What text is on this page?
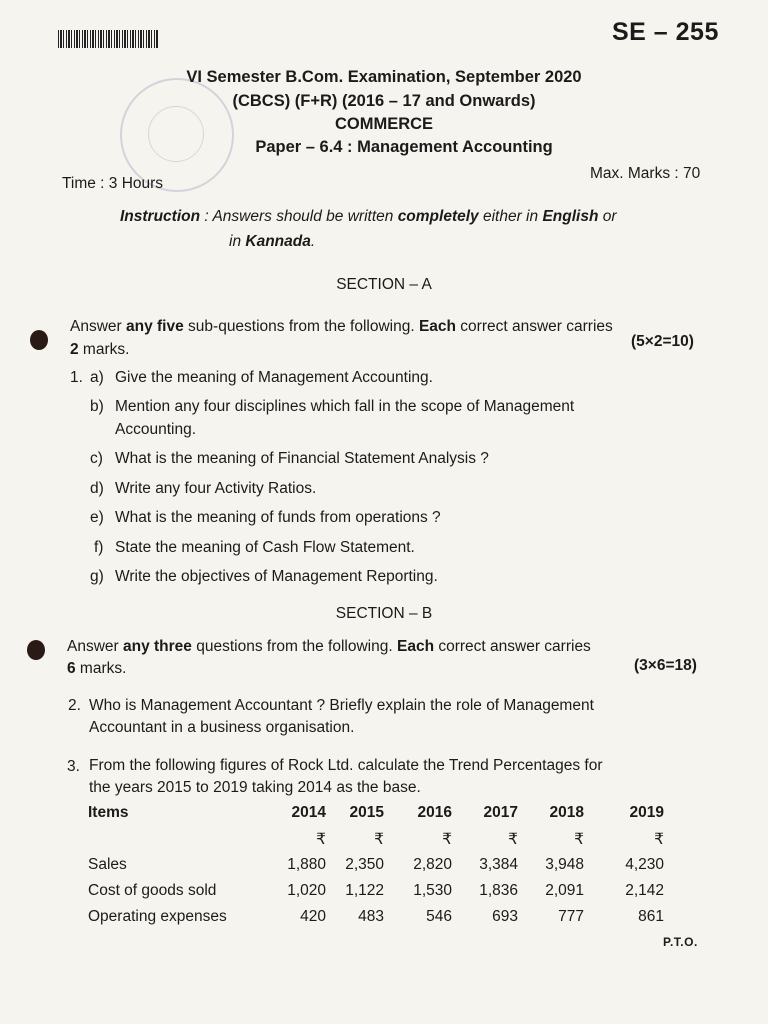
SE – 255
VI Semester B.Com. Examination, September 2020
(CBCS) (F+R) (2016 – 17 and Onwards)
COMMERCE
Paper – 6.4 : Management Accounting
Time : 3 Hours
Max. Marks : 70
Instruction : Answers should be written completely either in English or
in Kannada.
SECTION – A
Answer any five sub-questions from the following. Each correct answer carries
2 marks.	(5×2=10)
1. a) Give the meaning of Management Accounting.
b) Mention any four disciplines which fall in the scope of Management
Accounting.
c) What is the meaning of Financial Statement Analysis ?
d) Write any four Activity Ratios.
e) What is the meaning of funds from operations ?
f) State the meaning of Cash Flow Statement.
g) Write the objectives of Management Reporting.
SECTION – B
Answer any three questions from the following. Each correct answer carries
6 marks.	(3×6=18)
2. Who is Management Accountant ? Briefly explain the role of Management
Accountant in a business organisation.
3. From the following figures of Rock Ltd. calculate the Trend Percentages for
the years 2015 to 2019 taking 2014 as the base.
Items	2014	2015	2016	2017	2018	2019
	₹	₹	₹	₹	₹	₹
Sales	1,880	2,350	2,820	3,384	3,948	4,230
Cost of goods sold	1,020	1,122	1,530	1,836	2,091	2,142
Operating expenses	420	483	546	693	777	861
P.T.O.
